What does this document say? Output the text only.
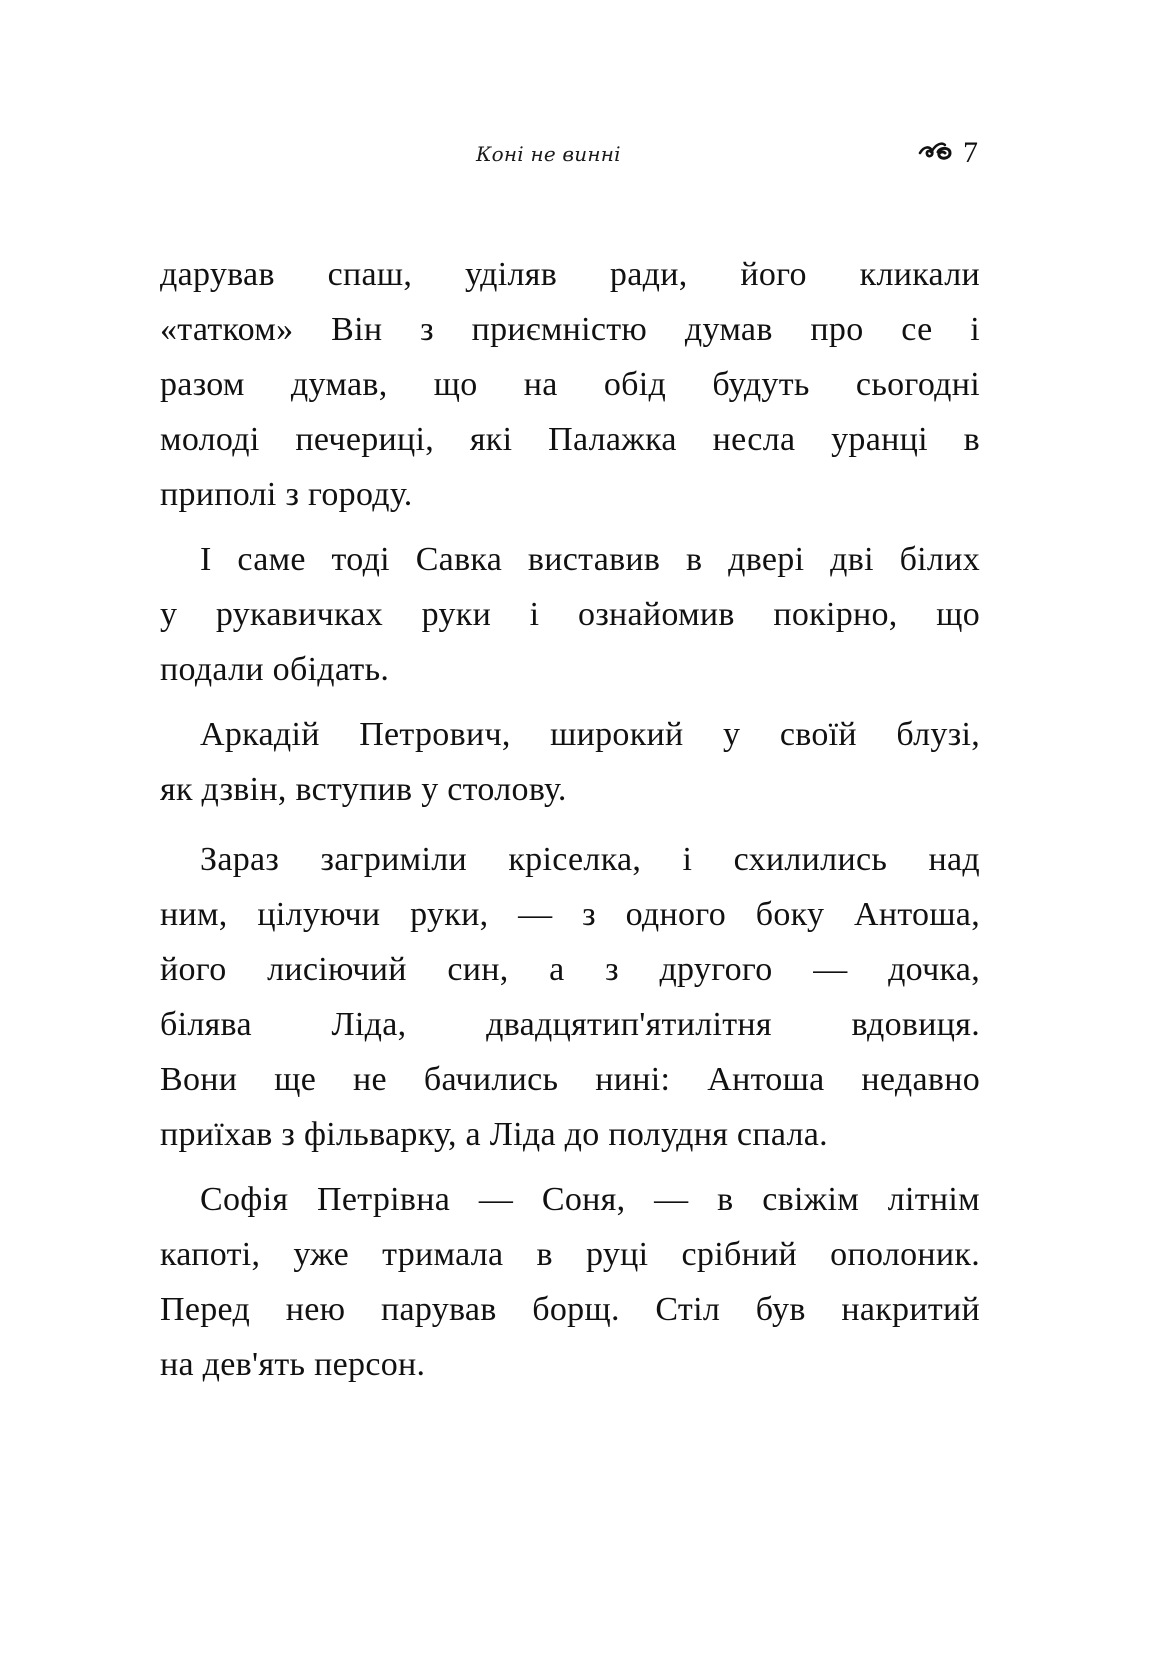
Коні не винні	7
дарував спаш, уділяв ради, його кликали
«татком» Він з приємністю думав про се і
разом думав, що на обід будуть сьогодні
молоді печериці, які Палажка несла уранці в
приполі з городу.
І саме тоді Савка виставив в двері дві білих
у рукавичках руки і ознайомив покірно, що
подали обідать.
Аркадій Петрович, широкий у своїй блузі,
як дзвін, вступив у столову.
Зараз загриміли кріселка, і схилились над
ним, цілуючи руки, — з одного боку Антоша,
його лисіючий син, а з другого — дочка,
білява Ліда, двадцятип'ятилітня вдовиця.
Вони ще не бачились нині: Антоша недавно
приїхав з фільварку, а Ліда до полудня спала.
Софія Петрівна — Соня, — в свіжім літнім
капоті, уже тримала в руці срібний ополоник.
Перед нею парував борщ. Стіл був накритий
на дев'ять персон.
